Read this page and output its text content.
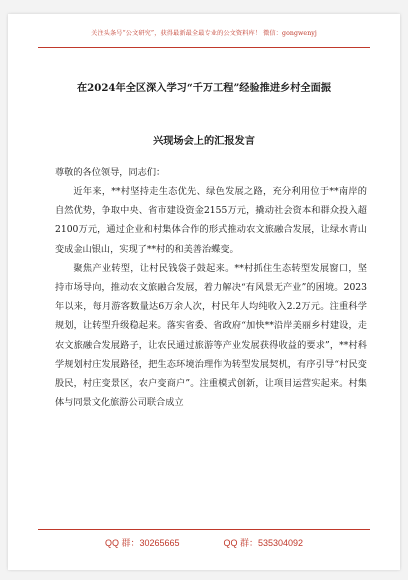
关注头条号“公文研究”，获得最新最全最专业的公文资料库！ 微信：gongwenyj
在2024年全区深入学习“千万工程”经验推进乡村全面振
兴现场会上的汇报发言
尊敬的各位领导，同志们：

近年来，**村坚持走生态优先、绿色发展之路，充分利用位于**南岸的自然优势，争取中央、省市建设资金2155万元，撬动社会资本和群众投入超2100万元，通过企业和村集体合作的形式推动农文旅融合发展，让绿水青山变成金山银山，实现了**村的和美善治蝶变。

聚焦产业转型，让村民钱袋子鼓起来。**村抓住生态转型发展窗口，坚持市场导向，推动农文旅融合发展，着力解决“有风景无产业”的困境。2023年以来，每月游客数量达6万余人次，村民年人均纯收入2.2万元。注重科学规划，让转型升级稳起来。落实省委、省政府“加快**沿岸美丽乡村建设，走农文旅融合发展路子，让农民通过旅游等产业发展获得收益的要求”，**村科学规划村庄发展路径，把生态环境治理作为转型发展契机，有序引导“村民变股民，村庄变景区，农户变商户”。注重模式创新，让项目运营实起来。村集体与同景文化旅游公司联合成立

QQ 群：30265665	QQ 群：535304092
